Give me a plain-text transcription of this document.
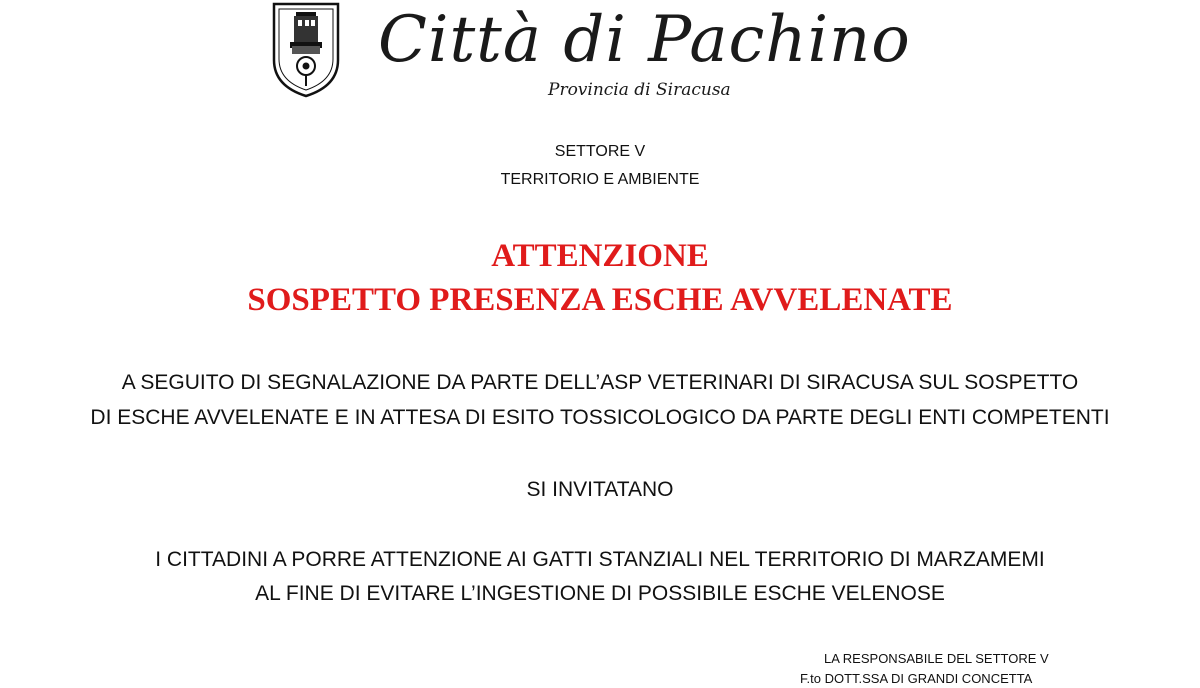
Città di Pachino
Provincia di Siracusa
SETTORE V
TERRITORIO E AMBIENTE
ATTENZIONE
SOSPETTO PRESENZA ESCHE AVVELENATE
A SEGUITO DI SEGNALAZIONE DA PARTE DELL’ASP VETERINARI DI SIRACUSA SUL SOSPETTO
DI ESCHE AVVELENATE E IN ATTESA DI ESITO TOSSICOLOGICO DA PARTE DEGLI ENTI COMPETENTI
SI INVITATANO
I CITTADINI A PORRE ATTENZIONE AI GATTI STANZIALI NEL TERRITORIO DI MARZAMEMI
AL FINE DI EVITARE L’INGESTIONE DI POSSIBILE ESCHE VELENOSE
LA RESPONSABILE DEL SETTORE V
F.to DOTT.SSA DI GRANDI CONCETTA
